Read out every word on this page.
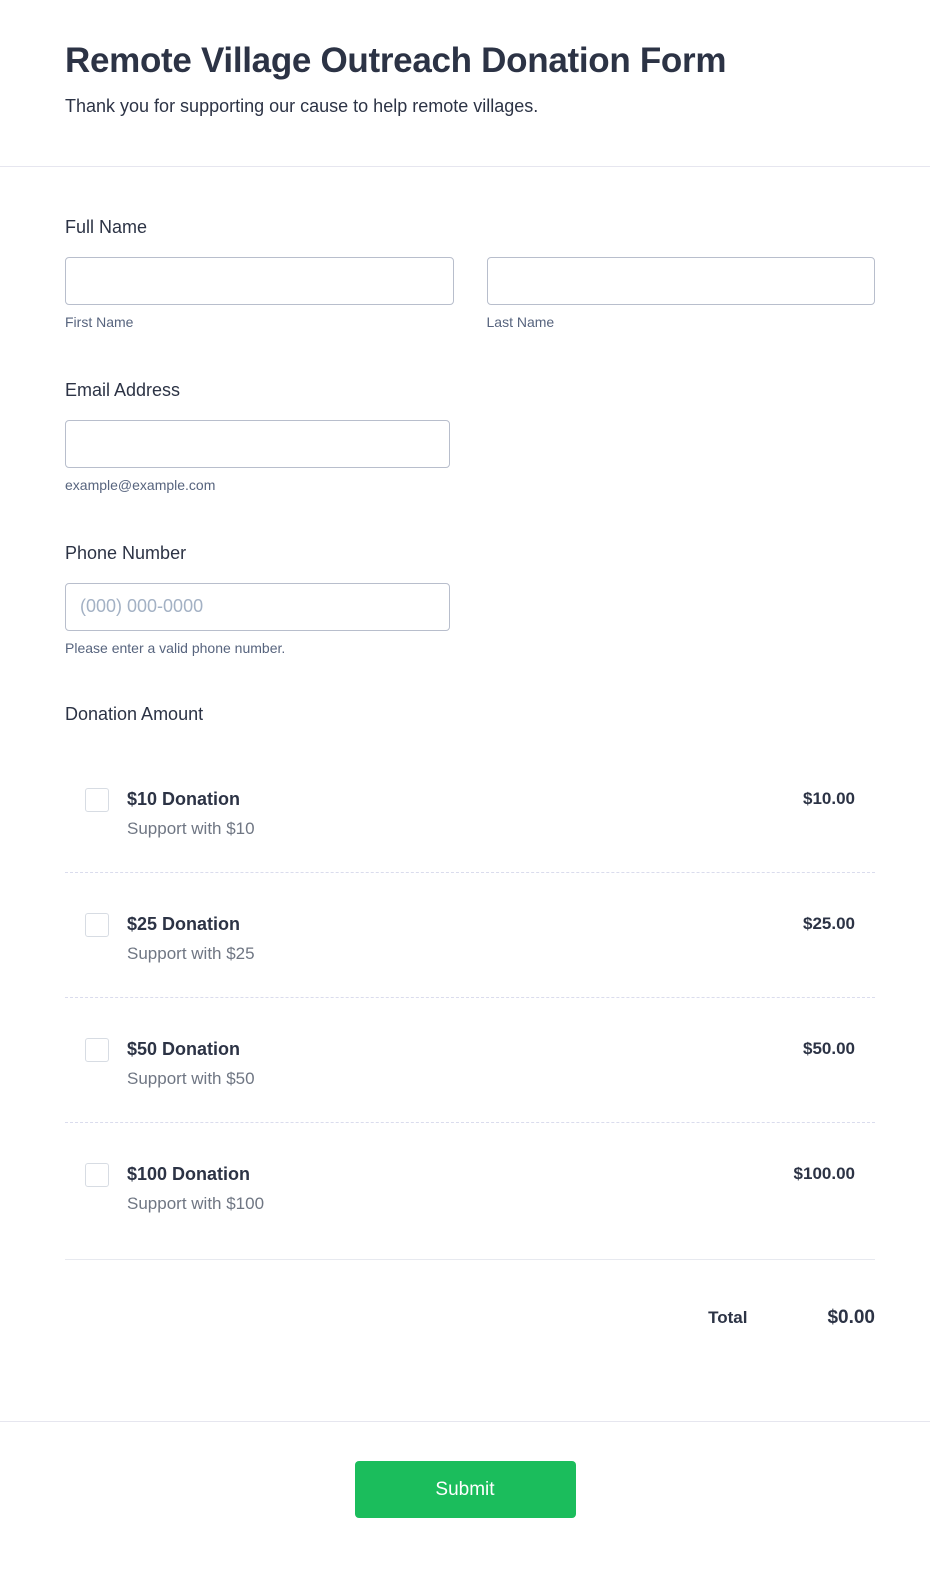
Remote Village Outreach Donation Form
Thank you for supporting our cause to help remote villages.
Full Name
First Name	Last Name
Email Address
example@example.com
Phone Number
(000) 000-0000
Please enter a valid phone number.
Donation Amount
$10 Donation
Support with $10
$10.00
$25 Donation
Support with $25
$25.00
$50 Donation
Support with $50
$50.00
$100 Donation
Support with $100
$100.00
Total	$0.00
Submit
